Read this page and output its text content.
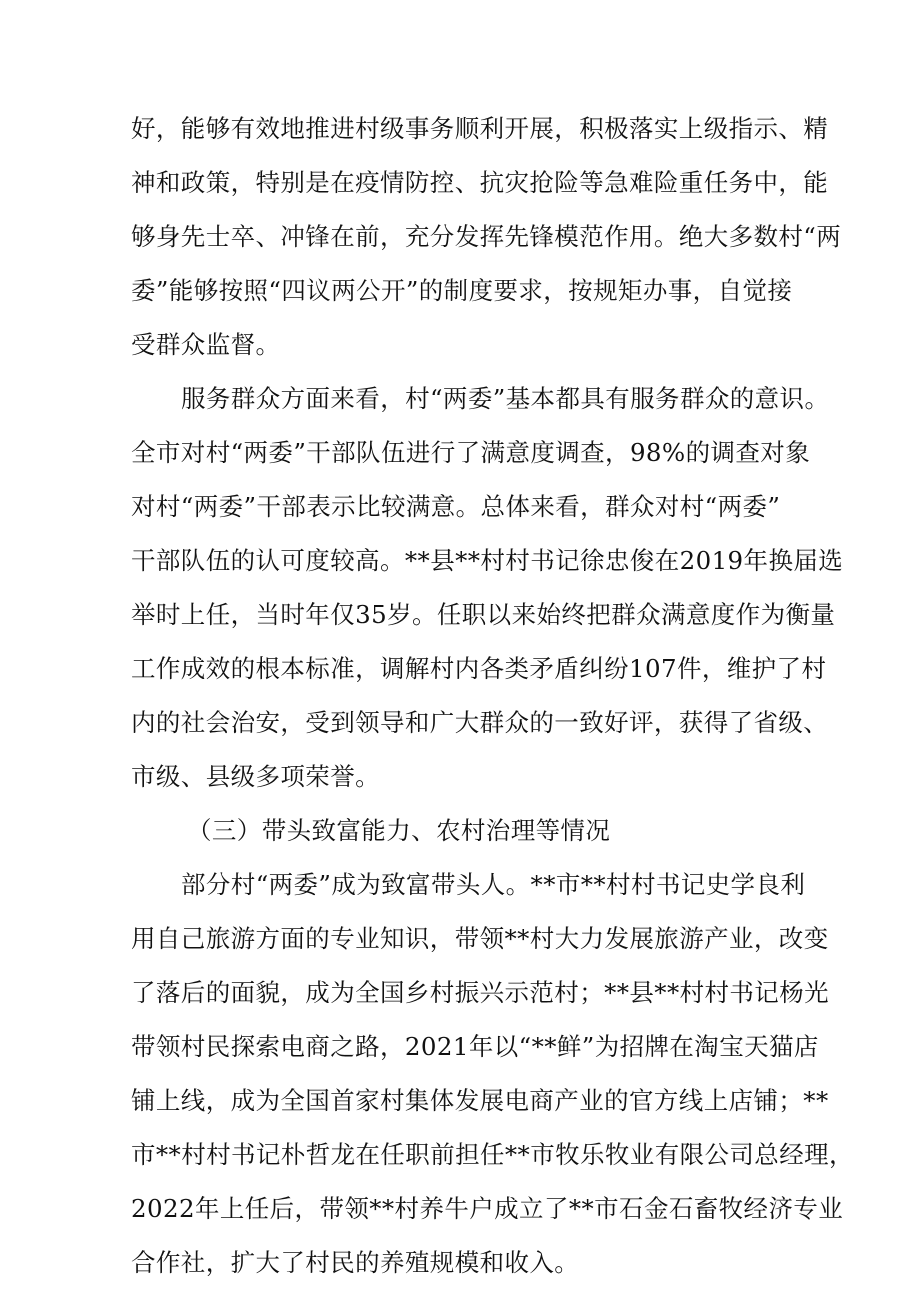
好，能够有效地推进村级事务顺利开展，积极落实上级指示、精
神和政策，特别是在疫情防控、抗灾抢险等急难险重任务中，能
够身先士卒、冲锋在前，充分发挥先锋模范作用。绝大多数村“两
委”能够按照“四议两公开”的制度要求，按规矩办事，自觉接
受群众监督。
服务群众方面来看，村“两委”基本都具有服务群众的意识。
全市对村“两委”干部队伍进行了满意度调查，98%的调查对象
对村“两委”干部表示比较满意。总体来看，群众对村“两委”
干部队伍的认可度较高。**县**村村书记徐忠俊在2019年换届选
举时上任，当时年仅35岁。任职以来始终把群众满意度作为衡量
工作成效的根本标准，调解村内各类矛盾纠纷107件，维护了村
内的社会治安，受到领导和广大群众的一致好评，获得了省级、
市级、县级多项荣誉。
（三）带头致富能力、农村治理等情况
部分村“两委”成为致富带头人。**市**村村书记史学良利
用自己旅游方面的专业知识，带领**村大力发展旅游产业，改变
了落后的面貌，成为全国乡村振兴示范村；**县**村村书记杨光
带领村民探索电商之路，2021年以“**鲜”为招牌在淘宝天猫店
铺上线，成为全国首家村集体发展电商产业的官方线上店铺；**
市**村村书记朴哲龙在任职前担任**市牧乐牧业有限公司总经理，
2022年上任后，带领**村养牛户成立了**市石金石畜牧经济专业
合作社，扩大了村民的养殖规模和收入。
